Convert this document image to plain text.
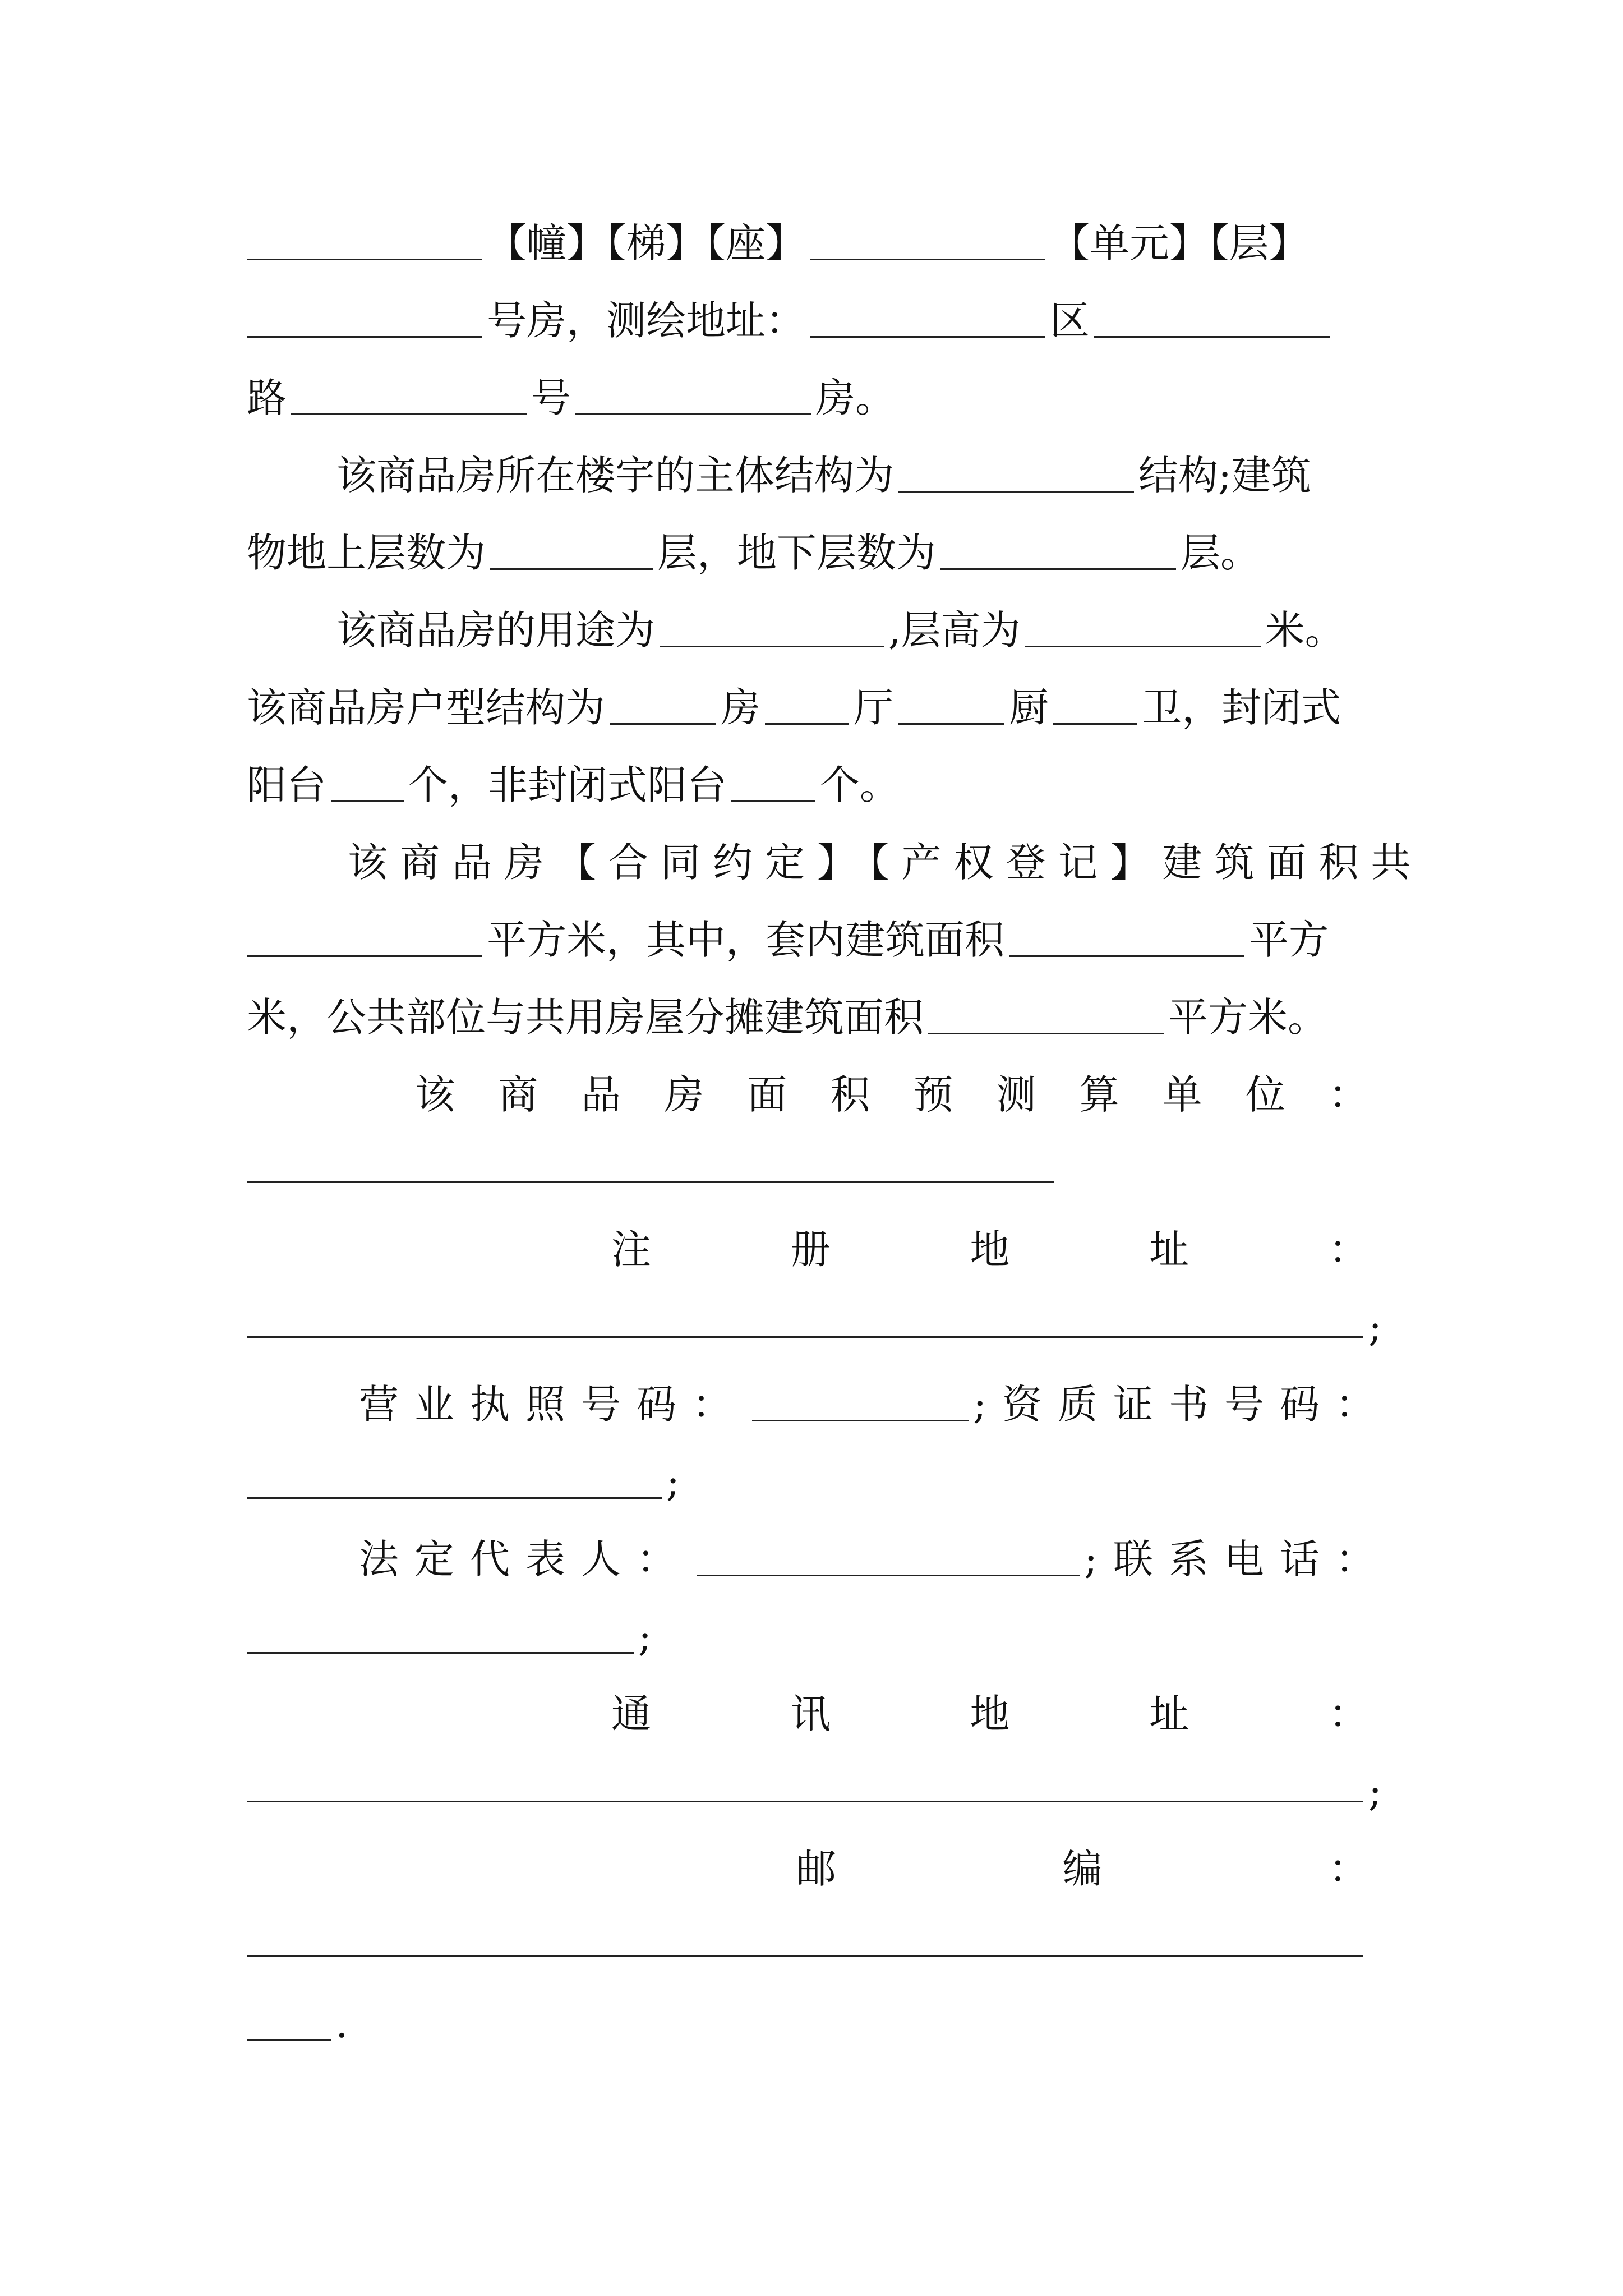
【幢】【梯】【座】	【单元】【层】
号房，测绘地址：	区
路	号	房。
该商品房所在楼宇的主体结构为	结构;建筑
物地上层数为	层，地下层数为	层。
该商品房的用途为	,层高为	米。
该商品房户型结构为	房 厅	厨 卫，封闭式
阳台 个，非封闭式阳台 个。
该商品房【合同约定】【产权登记】建筑面积共
平方米，其中，套内建筑面积	平方
米，公共部位与共用房屋分摊建筑面积	平方米。
该 商 品 房 面 积 预 测 算 单 位 ：
注	册	地	址	：
;
营业执照号码：	;资质证书号码：
;
法定代表人：	;联系电话：
;
通	讯	地	址	：
;
邮	编	：
.
